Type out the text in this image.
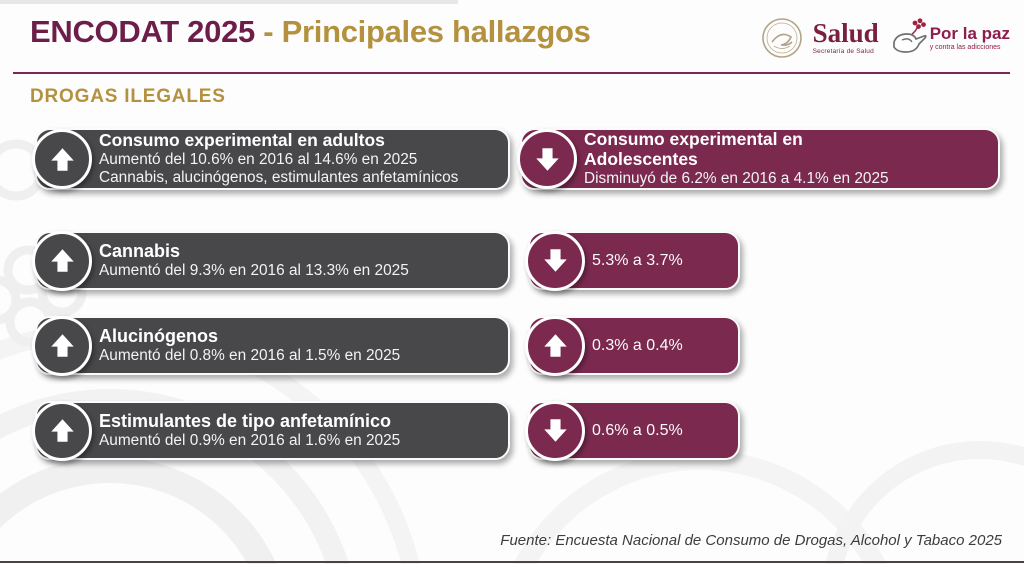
ENCODAT 2025 - Principales hallazgos	Salud
Secretaría de Salud
Por la paz
y contra las adicciones
DROGAS ILEGALES
Consumo experimental en adultos
Aumentó del 10.6% en 2016 al 14.6% en 2025
Cannabis, alucinógenos, estimulantes anfetamínicos
Consumo experimental en Adolescentes
Disminuyó de 6.2% en 2016 a 4.1% en 2025
Cannabis
Aumentó del 9.3% en 2016 al 13.3% en 2025
5.3% a 3.7%
Alucinógenos
Aumentó del 0.8% en 2016 al 1.5% en 2025
0.3% a 0.4%
Estimulantes de tipo anfetamínico
Aumentó del 0.9% en 2016 al 1.6% en 2025
0.6% a 0.5%
Fuente: Encuesta Nacional de Consumo de Drogas, Alcohol y Tabaco 2025
